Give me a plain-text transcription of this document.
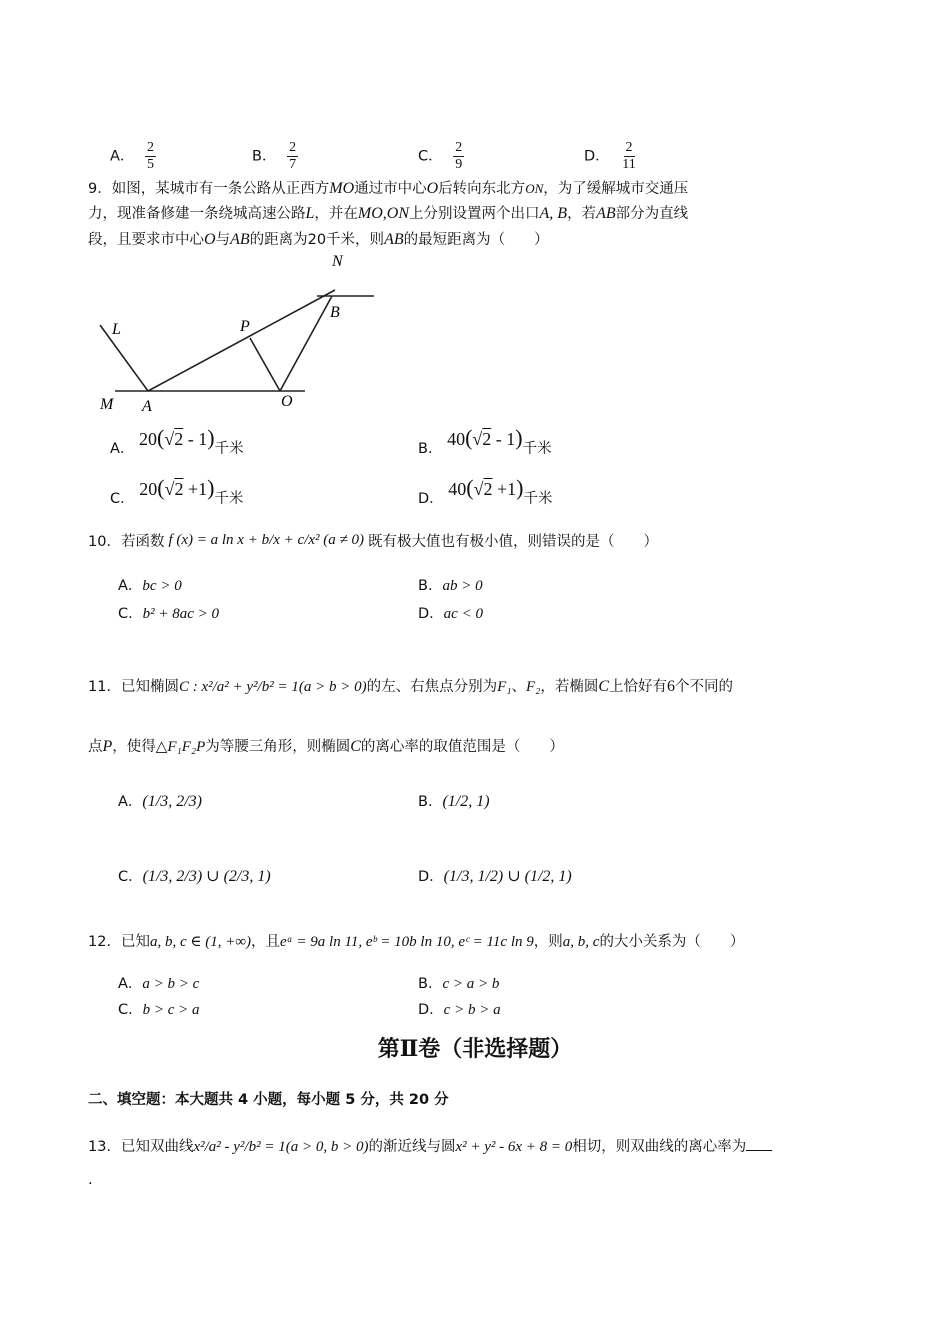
A． $\frac{2}{5}$	B． $\frac{2}{7}$	C． $\frac{2}{9}$	D． $\frac{2}{11}$
9．如图，某城市有一条公路从正西方MO通过市中心O后转向东北方ON，为了缓解城市交通压
力，现准备修建一条绕城高速公路L，并在MO,ON上分别设置两个出口A, B，若AB部分为直线
段，且要求市中心O与AB的距离为20千米，则AB的最短距离为（　　）
N
B
L	P
M A	O
A． 20(√2 - 1)千米	B． 40(√2 - 1)千米
C． 20(√2 +1)千米	D． 40(√2 +1)千米
10．若函数 f (x) = a ln x + b/x + c/x² (a ≠ 0) 既有极大值也有极小值，则错误的是（　　）
A．bc > 0	B．ab > 0
C．b² + 8ac > 0	D．ac < 0
11．已知椭圆C : x²/a² + y²/b² = 1(a > b > 0)的左、右焦点分别为F₁、F₂，若椭圆C上恰好有6个不同的
点P，使得△F₁F₂P为等腰三角形，则椭圆C的离心率的取值范围是（　　）
A．(1/3, 2/3)	B．(1/2, 1)
C．(1/3, 2/3) ∪ (2/3, 1)	D．(1/3, 1/2) ∪ (1/2, 1)
12．已知a, b, c ∈ (1, +∞)，且eᵃ = 9a ln 11, eᵇ = 10b ln 10, eᶜ = 11c ln 9，则a, b, c的大小关系为（　　）
A．a > b > c	B．c > a > b
C．b > c > a	D．c > b > a
第Ⅱ卷（非选择题）
二、填空题：本大题共 4 小题，每小题 5 分，共 20 分
13．已知双曲线x²/a² - y²/b² = 1(a > 0, b > 0)的渐近线与圆x² + y² - 6x + 8 = 0相切，则双曲线的离心率为
.
